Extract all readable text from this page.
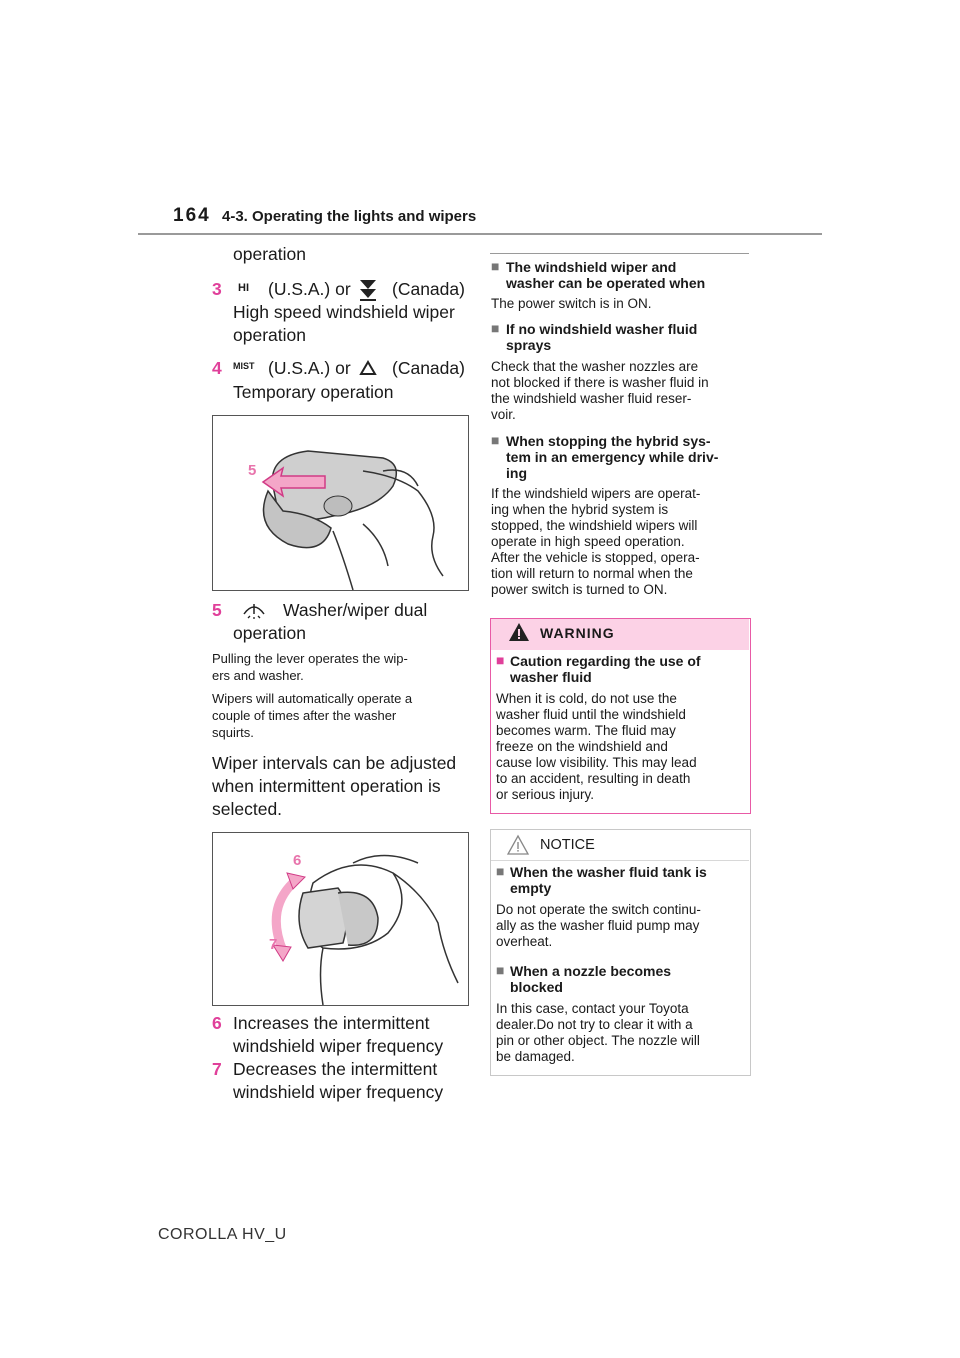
164 4-3. Operating the lights and wipers
operation
3 HI (U.S.A.) or (Canada)
High speed windshield wiper
operation
4 MIST (U.S.A.) or (Canada)
Temporary operation
5
5	Washer/wiper dual
operation
Pulling the lever operates the wip-
ers and washer.
Wipers will automatically operate a
couple of times after the washer
squirts.
Wiper intervals can be adjusted
when intermittent operation is
selected.
6
7
6 Increases the intermittent
windshield wiper frequency
7 Decreases the intermittent
windshield wiper frequency
■ The windshield wiper and
washer can be operated when
The power switch is in ON.
■ If no windshield washer fluid
sprays
Check that the washer nozzles are
not blocked if there is washer fluid in
the windshield washer fluid reser-
voir.
■ When stopping the hybrid sys-
tem in an emergency while driv-
ing
If the windshield wipers are operat-
ing when the hybrid system is
stopped, the windshield wipers will
operate in high speed operation.
After the vehicle is stopped, opera-
tion will return to normal when the
power switch is turned to ON.
WARNING
■ Caution regarding the use of
washer fluid
When it is cold, do not use the
washer fluid until the windshield
becomes warm. The fluid may
freeze on the windshield and
cause low visibility. This may lead
to an accident, resulting in death
or serious injury.
NOTICE
■ When the washer fluid tank is
empty
Do not operate the switch continu-
ally as the washer fluid pump may
overheat.
■ When a nozzle becomes
blocked
In this case, contact your Toyota
dealer.Do not try to clear it with a
pin or other object. The nozzle will
be damaged.
COROLLA HV_U
